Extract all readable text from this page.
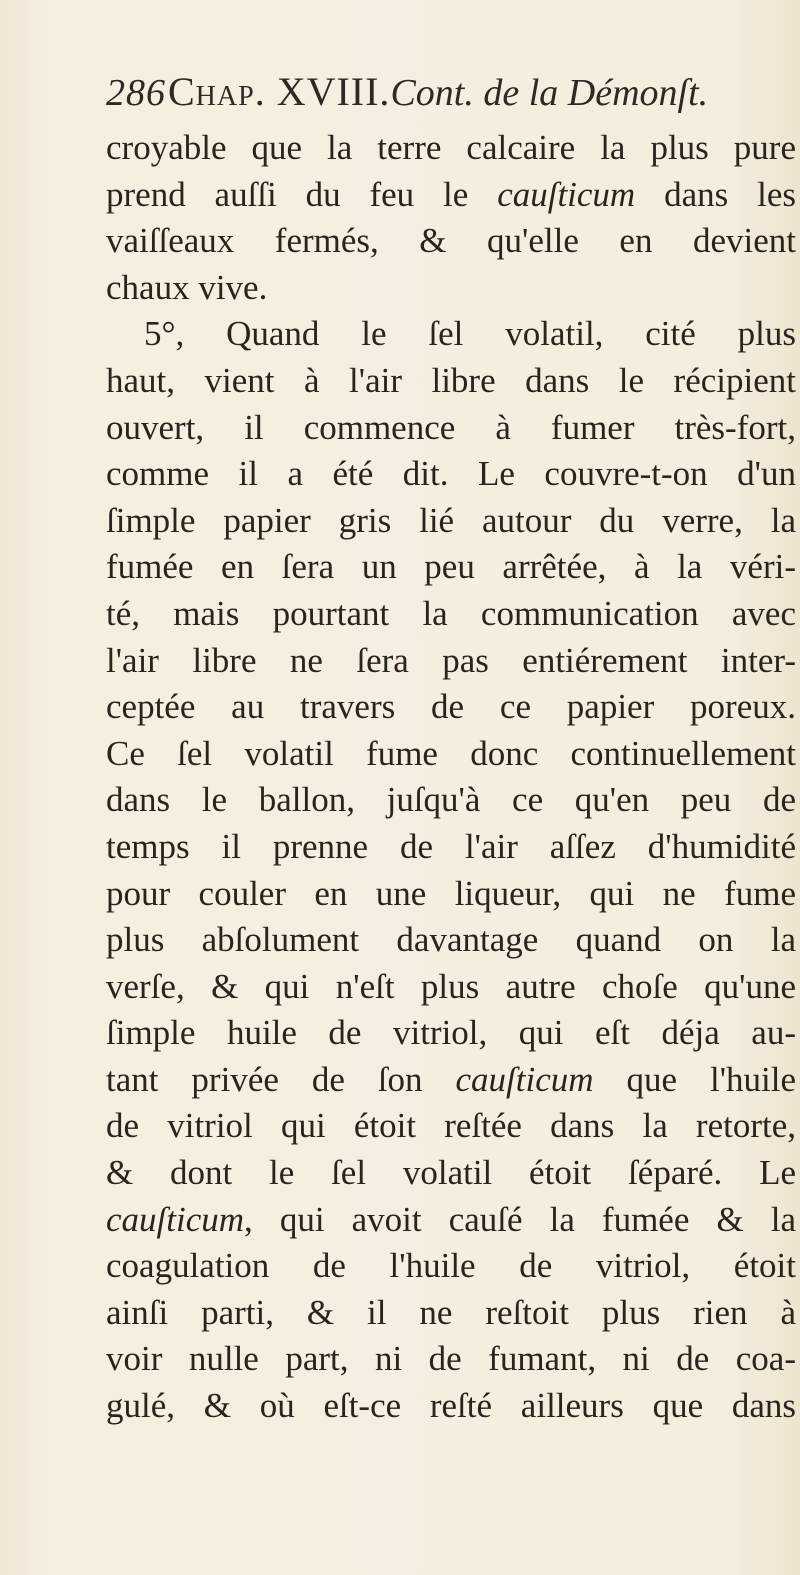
286Chap. XVIII.Cont. de la Démonſt.
croyable que la terre calcaire la plus pure
prend auſſi du feu le cauſticum dans les
vaiſſeaux fermés, & qu'elle en devient
chaux vive.
5°, Quand le ſel volatil, cité plus
haut, vient à l'air libre dans le récipient
ouvert, il commence à fumer très-fort,
comme il a été dit. Le couvre-t-on d'un
ſimple papier gris lié autour du verre, la
fumée en ſera un peu arrêtée, à la véri-
té, mais pourtant la communication avec
l'air libre ne ſera pas entiérement inter-
ceptée au travers de ce papier poreux.
Ce ſel volatil fume donc continuellement
dans le ballon, juſqu'à ce qu'en peu de
temps il prenne de l'air aſſez d'humidité
pour couler en une liqueur, qui ne fume
plus abſolument davantage quand on la
verſe, & qui n'eſt plus autre choſe qu'une
ſimple huile de vitriol, qui eſt déja au-
tant privée de ſon cauſticum que l'huile
de vitriol qui étoit reſtée dans la retorte,
& dont le ſel volatil étoit ſéparé. Le
cauſticum, qui avoit cauſé la fumée & la
coagulation de l'huile de vitriol, étoit
ainſi parti, & il ne reſtoit plus rien à
voir nulle part, ni de fumant, ni de coa-
gulé, & où eſt-ce reſté ailleurs que dans
